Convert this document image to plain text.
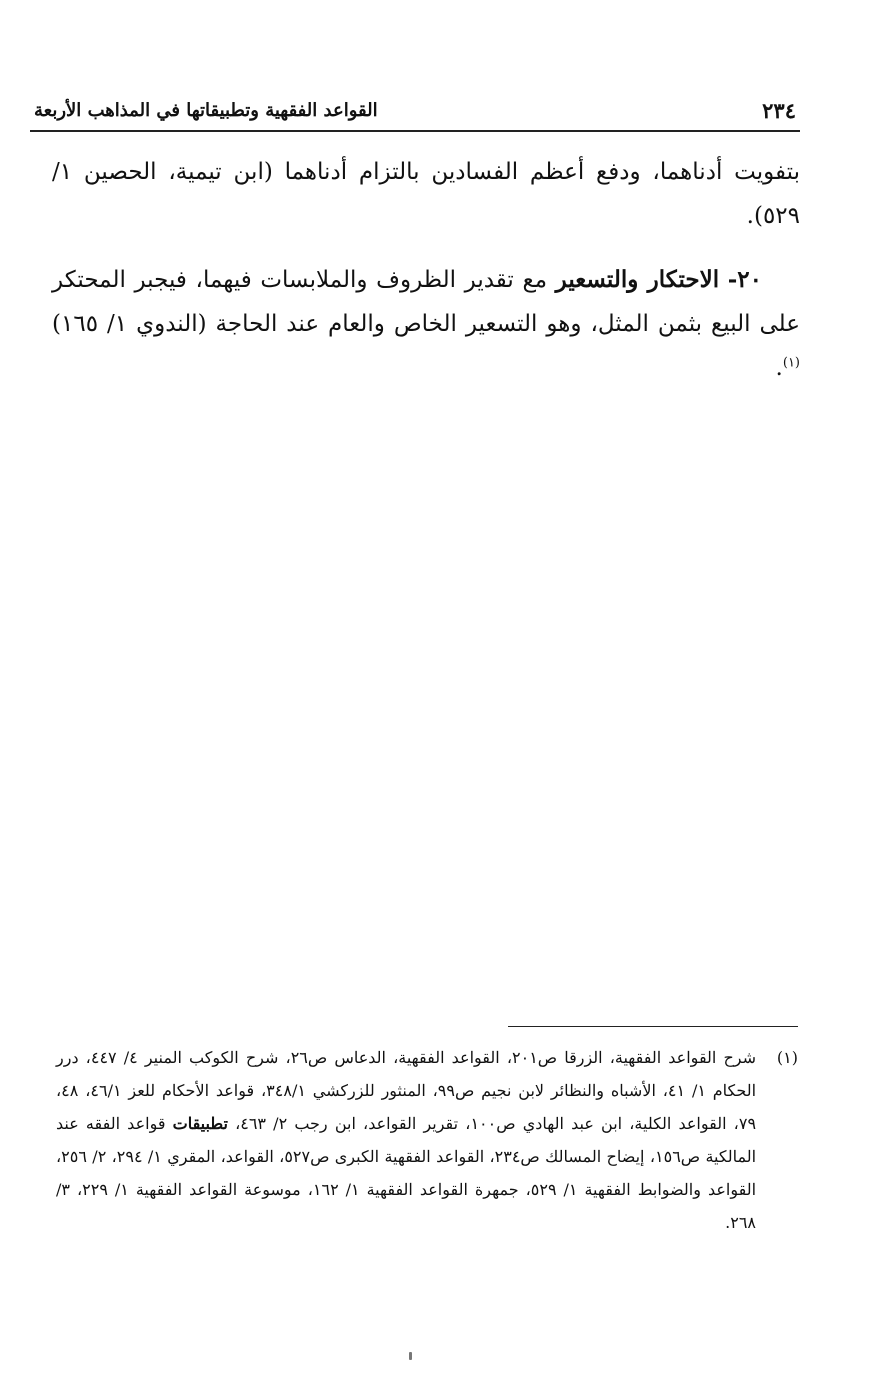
٢٣٤
القواعد الفقهية وتطبيقاتها في المذاهب الأربعة

بتفويت أدناهما، ودفع أعظم الفسادين بالتزام أدناهما (ابن تيمية، الحصين ١/ ٥٢٩).

٢٠- الاحتكار والتسعير مع تقدير الظروف والملابسات فيهما، فيجبر المحتكر على البيع بثمن المثل، وهو التسعير الخاص والعام عند الحاجة (الندوي ١/ ١٦٥)$^{(١)}$.

(١)
شرح القواعد الفقهية، الزرقا ص٢٠١، القواعد الفقهية، الدعاس ص٢٦، شرح الكوكب المنير ٤/ ٤٤٧، درر الحكام ١/ ٤١، الأشباه والنظائر لابن نجيم ص٩٩، المنثور للزركشي ٣٤٨/١، قواعد الأحكام للعز ٤٦/١، ٤٨، ٧٩، القواعد الكلية، ابن عبد الهادي ص١٠٠، تقرير القواعد، ابن رجب ٢/ ٤٦٣، تطبيقات قواعد الفقه عند المالكية ص١٥٦، إيضاح المسالك ص٢٣٤، القواعد الفقهية الكبرى ص٥٢٧، القواعد، المقري ١/ ٢٩٤، ٢/ ٢٥٦، القواعد والضوابط الفقهية ١/ ٥٢٩، جمهرة القواعد الفقهية ١/ ١٦٢، موسوعة القواعد الفقهية ١/ ٢٢٩، ٣/ ٢٦٨.
